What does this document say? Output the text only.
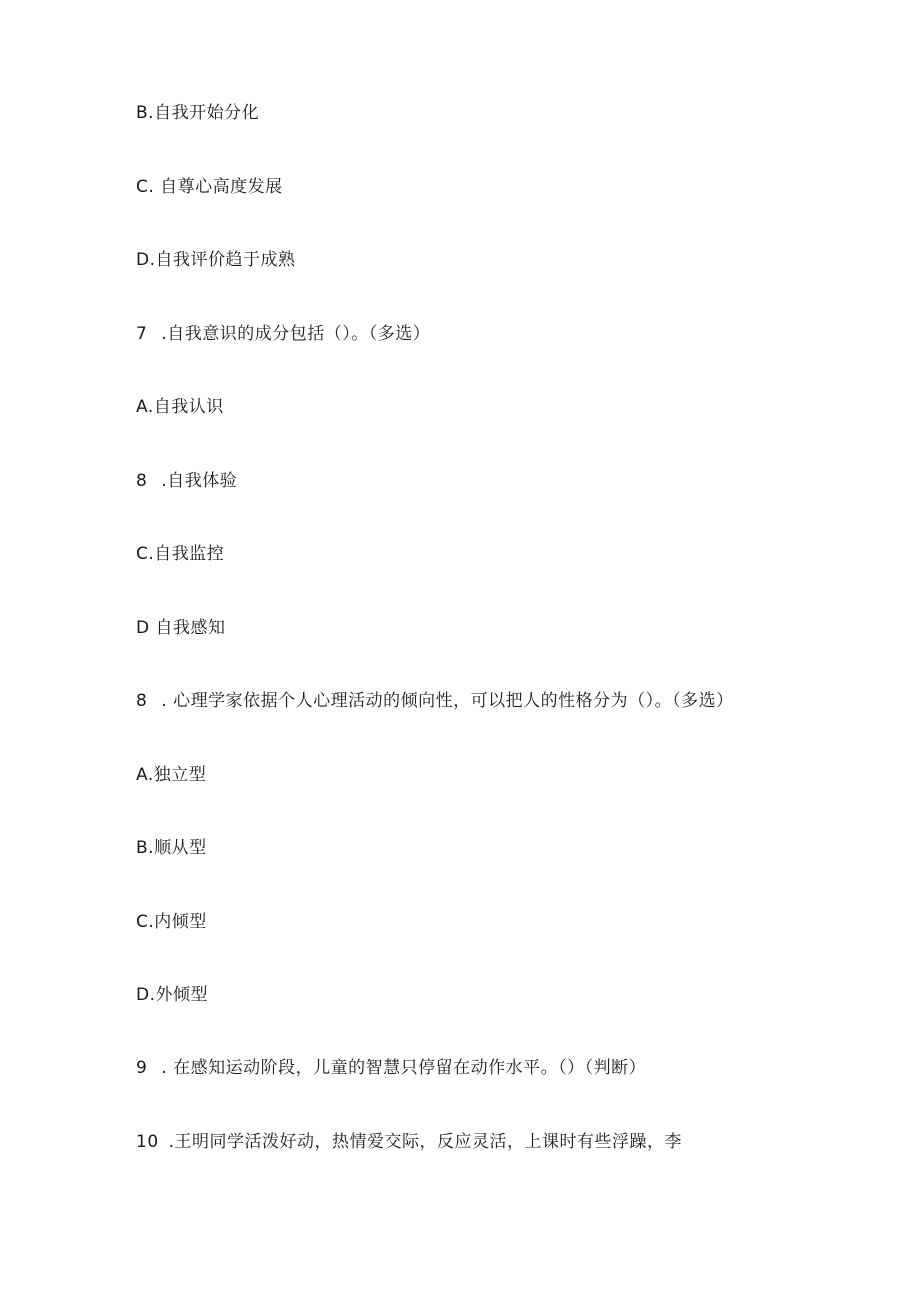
B.自我开始分化
C. 自尊心高度发展
D.自我评价趋于成熟
7 .自我意识的成分包括（）。（多选）
A.自我认识
8 .自我体验
C.自我监控
D 自我感知
8 . 心理学家依据个人心理活动的倾向性，可以把人的性格分为（）。（多选）
A.独立型
B.顺从型
C.内倾型
D.外倾型
9 . 在感知运动阶段，儿童的智慧只停留在动作水平。（）（判断）
10 .王明同学活泼好动，热情爱交际，反应灵活，上课时有些浮躁，李
